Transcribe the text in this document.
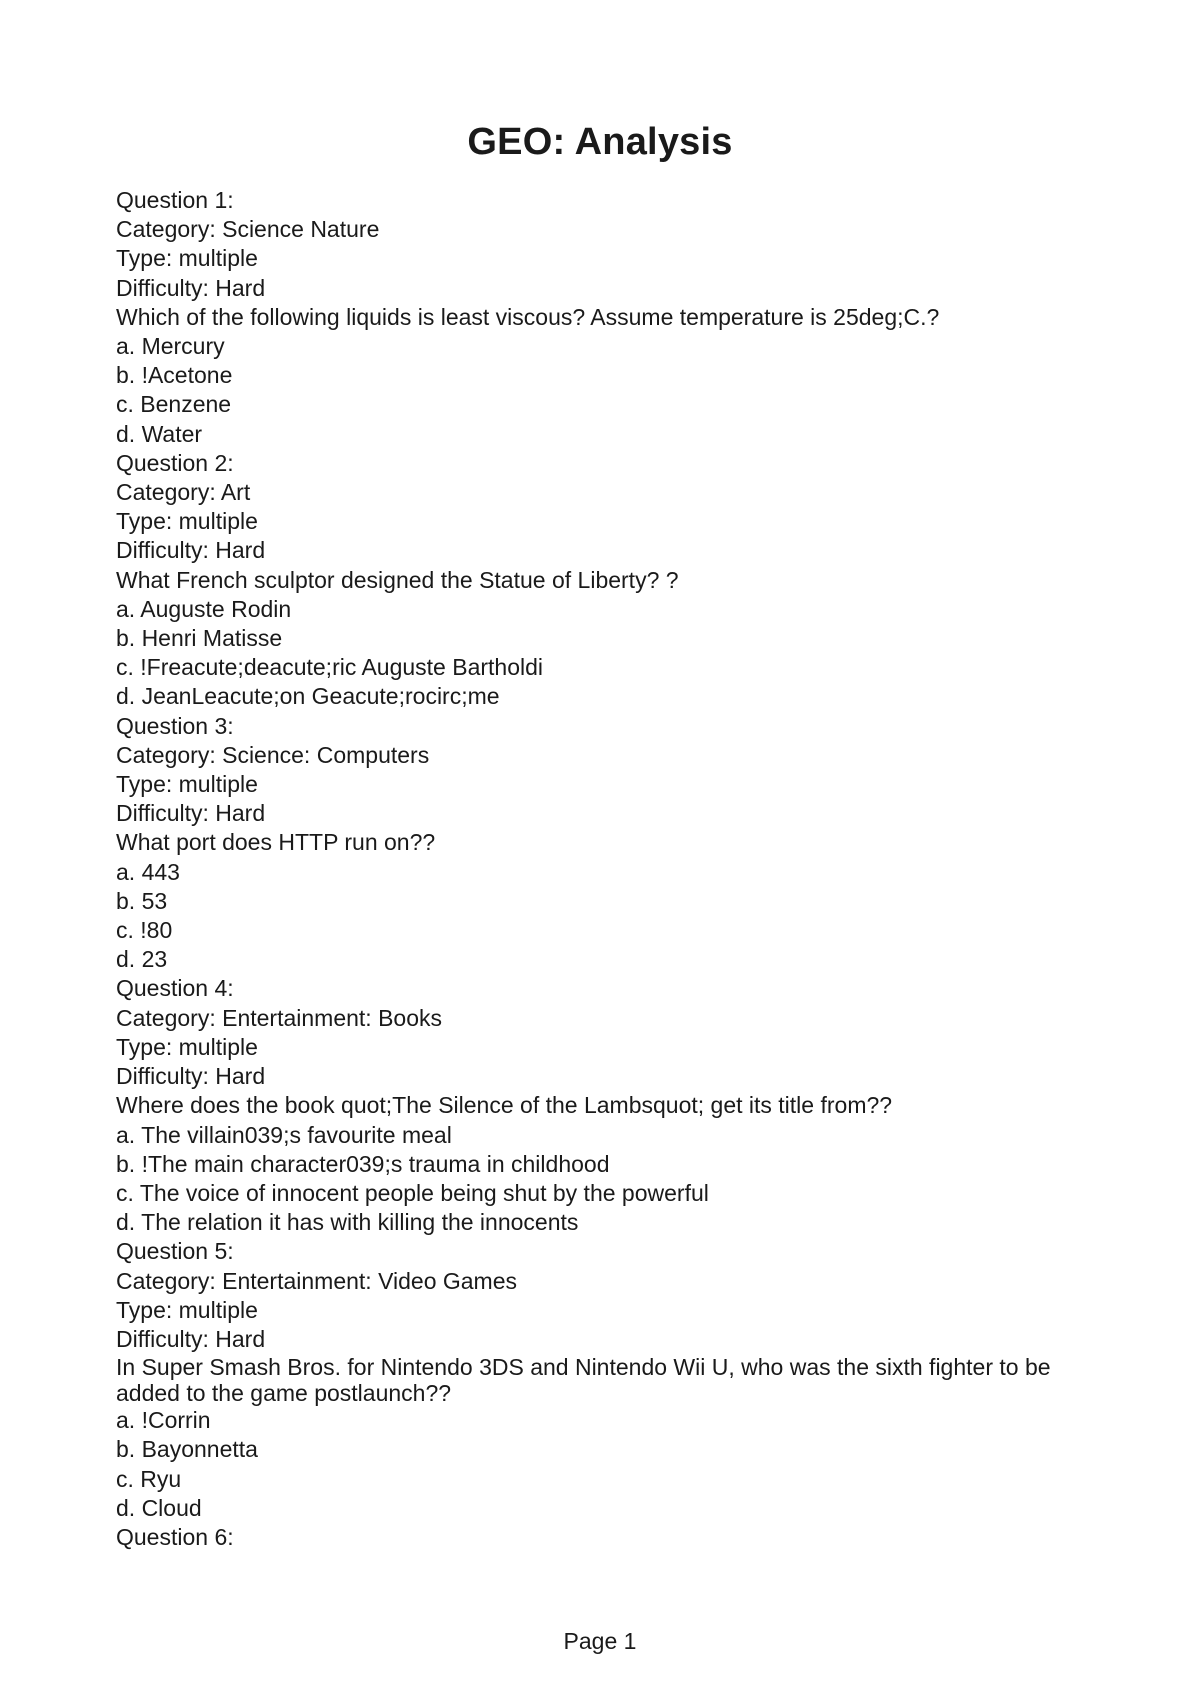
GEO: Analysis
Question 1:
Category: Science Nature
Type: multiple
Difficulty: Hard
Which of the following liquids is least viscous? Assume temperature is 25deg;C.?
a. Mercury
b. !Acetone
c. Benzene
d. Water
Question 2:
Category: Art
Type: multiple
Difficulty: Hard
What French sculptor designed the Statue of Liberty? ?
a. Auguste Rodin
b. Henri Matisse
c. !Freacute;deacute;ric Auguste Bartholdi
d. JeanLeacute;on Geacute;rocirc;me
Question 3:
Category: Science: Computers
Type: multiple
Difficulty: Hard
What port does HTTP run on??
a. 443
b. 53
c. !80
d. 23
Question 4:
Category: Entertainment: Books
Type: multiple
Difficulty: Hard
Where does the book quot;The Silence of the Lambsquot; get its title from??
a. The villain039;s favourite meal
b. !The main character039;s trauma in childhood
c. The voice of innocent people being shut by the powerful
d. The relation it has with killing the innocents
Question 5:
Category: Entertainment: Video Games
Type: multiple
Difficulty: Hard
In Super Smash Bros. for Nintendo 3DS and Nintendo Wii U, who was the sixth fighter to be added to the game postlaunch??
a. !Corrin
b. Bayonnetta
c. Ryu
d. Cloud
Question 6:
Page 1
